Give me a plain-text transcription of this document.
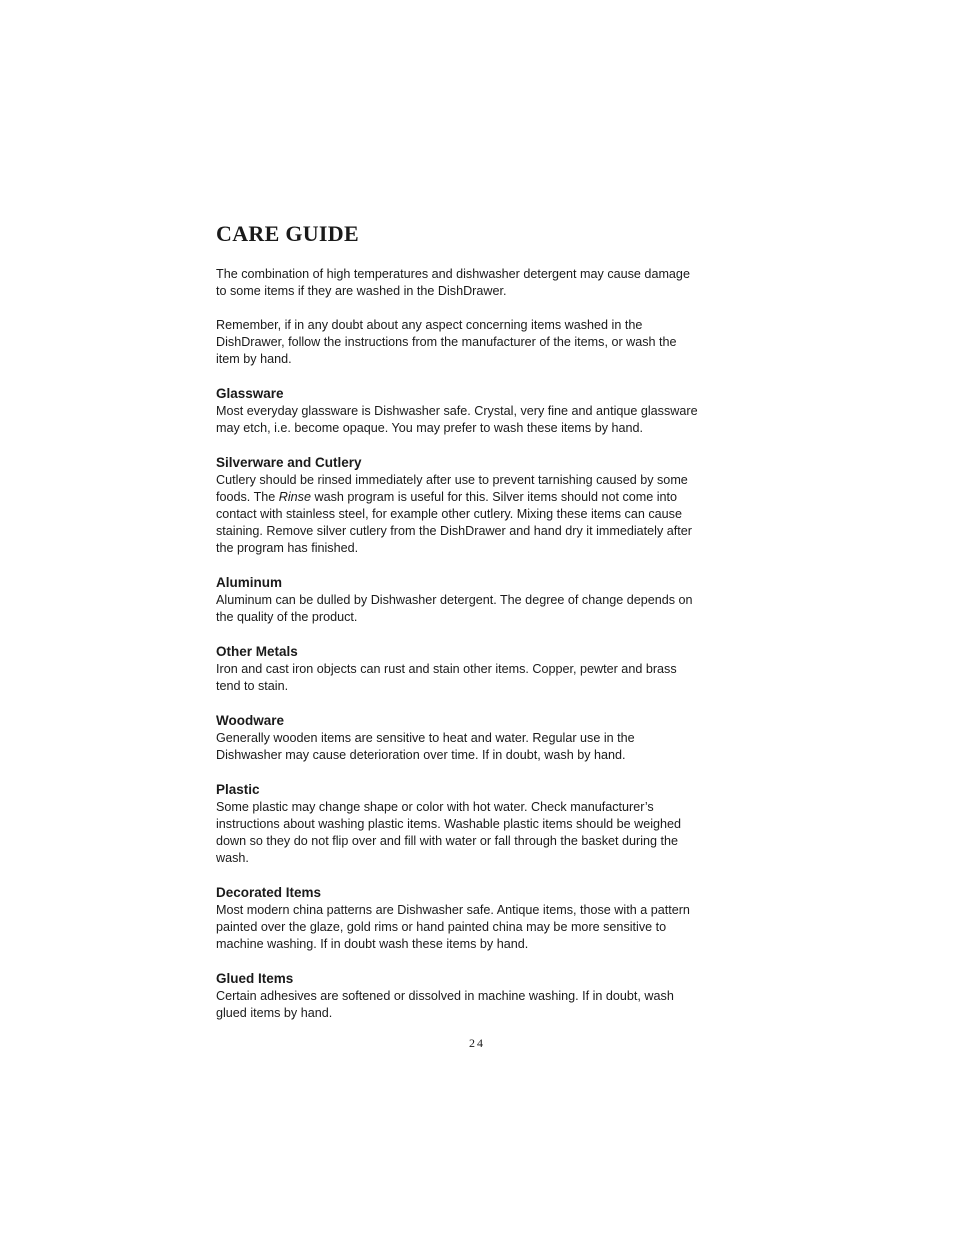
CARE GUIDE

The combination of high temperatures and dishwasher detergent may cause damage
to some items if they are washed in the DishDrawer.

Remember, if in any doubt about any aspect concerning items washed in the
DishDrawer, follow the instructions from the manufacturer of the items, or wash the
item by hand.

Glassware
Most everyday glassware is Dishwasher safe. Crystal, very fine and antique glassware
may etch, i.e. become opaque. You may prefer to wash these items by hand.
Silverware and Cutlery
Cutlery should be rinsed immediately after use to prevent tarnishing caused by some
foods. The Rinse wash program is useful for this. Silver items should not come into
contact with stainless steel, for example other cutlery. Mixing these items can cause
staining. Remove silver cutlery from the DishDrawer and hand dry it immediately after
the program has finished.
Aluminum
Aluminum can be dulled by Dishwasher detergent. The degree of change depends on
the quality of the product.
Other Metals
Iron and cast iron objects can rust and stain other items. Copper, pewter and brass
tend to stain.
Woodware
Generally wooden items are sensitive to heat and water. Regular use in the
Dishwasher may cause deterioration over time. If in doubt, wash by hand.
Plastic
Some plastic may change shape or color with hot water. Check manufacturer’s
instructions about washing plastic items. Washable plastic items should be weighed
down so they do not flip over and fill with water or fall through the basket during the
wash.
Decorated Items
Most modern china patterns are Dishwasher safe. Antique items, those with a pattern
painted over the glaze, gold rims or hand painted china may be more sensitive to
machine washing. If in doubt wash these items by hand.
Glued Items
Certain adhesives are softened or dissolved in machine washing. If in doubt, wash
glued items by hand.
24
